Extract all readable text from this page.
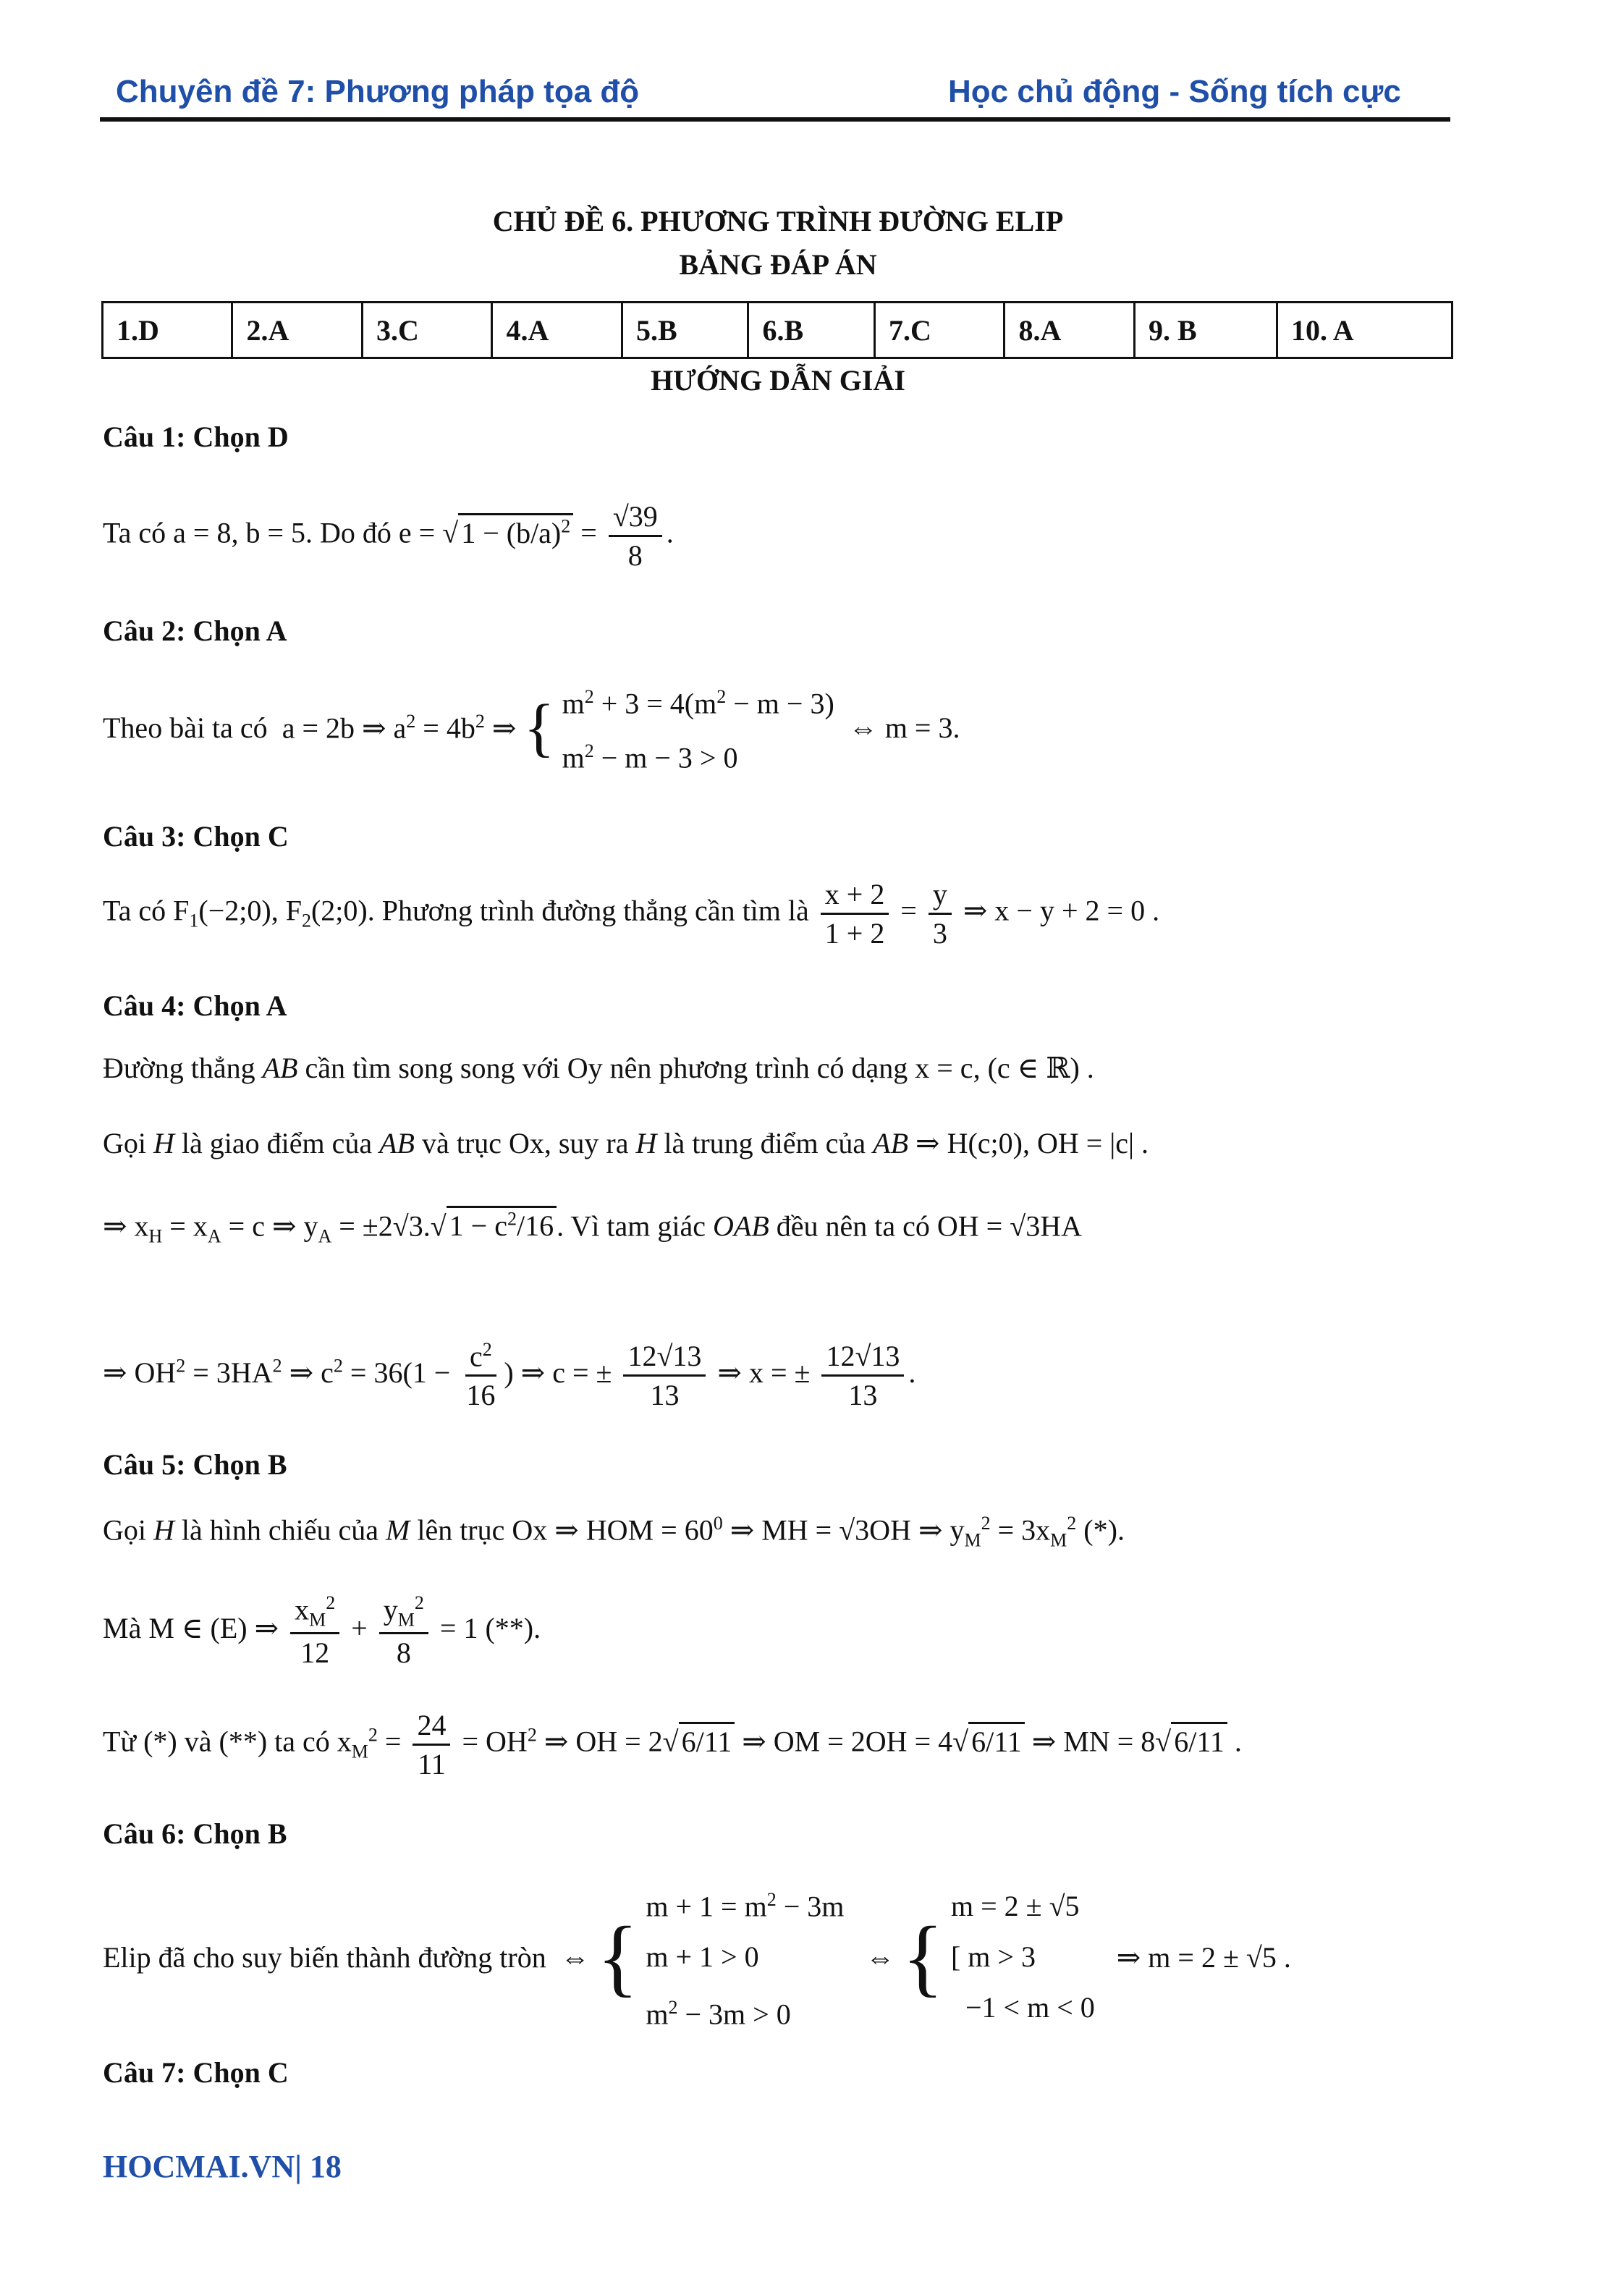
Chuyên đề 7: Phương pháp tọa độ	Học chủ động - Sống tích cực
CHỦ ĐỀ 6. PHƯƠNG TRÌNH ĐƯỜNG ELIP
BẢNG ĐÁP ÁN
1.D	2.A	3.C	4.A	5.B	6.B	7.C	8.A	9. B	10. A
HƯỚNG DẪN GIẢI
Câu 1: Chọn D
Ta có a = 8, b = 5. Do đó e = √ $1 - (b/a)^2 = \frac{√39}{8}$ .
Câu 2: Chọn A
Theo bài ta có  a = 2b ⇒ $a^2 = 4b^2$ ⇒ { $m^2 + 3 = 4(m^2 - m - 3)$
$m^2 - m - 3 > 0$  ⇔ m = 3.
Câu 3: Chọn C
Ta có $F_1(-2;0)$, $F_2(2;0)$. Phương trình đường thẳng cần tìm là $\frac{x + 2}{1 + 2} = \frac{y}{3}$ ⇒ x − y + 2 = 0 .
Câu 4: Chọn A
Đường thẳng AB cần tìm song song với Oy nên phương trình có dạng x = c, (c ∈ ℝ) .
Gọi H là giao điểm của AB và trục Ox, suy ra H là trung điểm của AB ⇒ H(c;0), OH = |c| .
⇒ $x_H = x_A = c$ ⇒ $y_A = \pm 2√3.√$ $1 - c^2/16$ . Vì tam giác OAB đều nên ta có OH = √3HA
⇒ $OH^2 = 3HA^2$ ⇒ $c^2 = 36(1 - \frac{c^2}{16}$ ) ⇒ c = ± $\frac{12√13}{13}$ ⇒ x = ± $\frac{12√13}{13}$ .
Câu 5: Chọn B
Gọi H là hình chiếu của M lên trục Ox ⇒ HOM = $60^0$ ⇒ MH = √3OH ⇒ $y_M^2 = 3x_M^2$ (*).
Mà M ∈ (E) ⇒ $\frac{x_M^2}{12} + \frac{y_M^2}{8} = 1$ (**).
Từ (*) và (**) ta có $x_M^2 = \frac{24}{11} = OH^2$ ⇒ OH = 2√ 6/11 ⇒ OM = 2OH = 4√ 6/11 ⇒ MN = 8√ 6/11 .
Câu 6: Chọn B
Elip đã cho suy biến thành đường tròn  ⇔ { $m + 1 = m^2 - 3m$
m + 1 > 0
$m^2 - 3m > 0$   ⇔ { m = 2 ± √5
[ m > 3
−1 < m < 0   ⇒ m = 2 ± √5 .
Câu 7: Chọn C
HOCMAI.VN| 18
